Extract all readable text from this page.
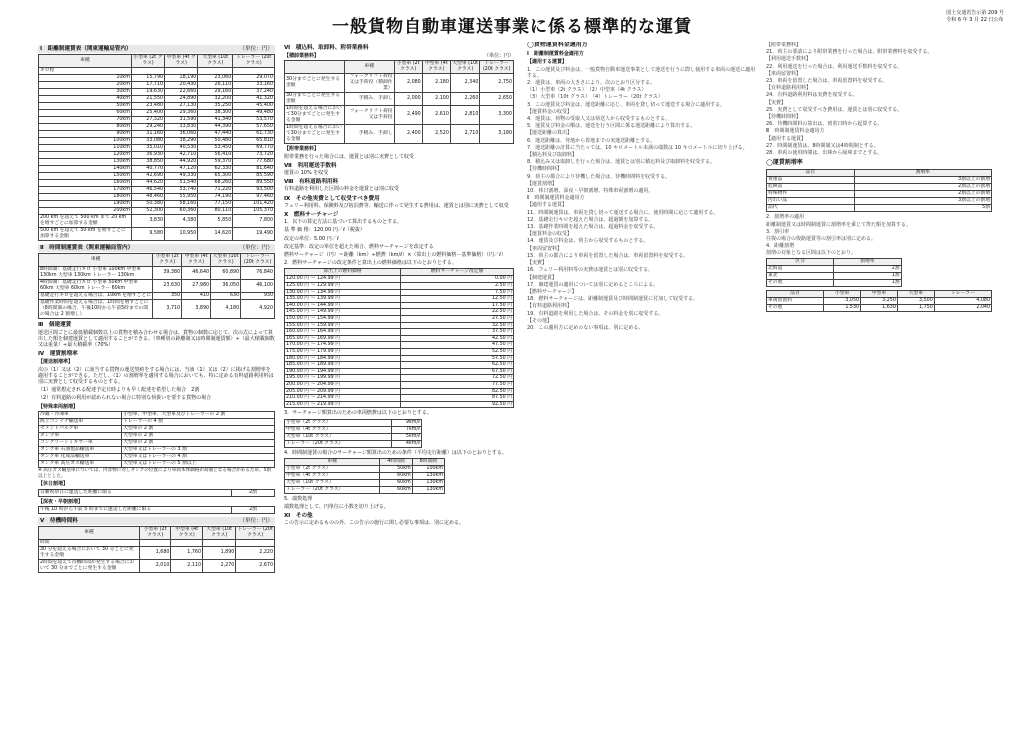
一般貨物自動車運送事業に係る標準的な運賃
国土交通省告示第 209 号
令和 6 年 3 月 22 日公布
Ⅰ　距離制運賃表（関東運輸局管内）	（単位：円）
車種	小型車 (2t クラス)	中型車 (4t クラス)	大型車 (10t クラス)	トレーラー (20t クラス)
キロ程				
10km	15,790	18,190	23,060	29,070
20km	17,710	20,430	26,110	33,160
30km	19,630	22,660	29,160	37,240
40km	21,550	24,890	32,200	41,320
50km	23,480	27,130	35,250	45,400
60km	25,400	29,360	38,300	49,480
70km	27,320	31,590	41,340	53,570
80km	29,240	33,830	44,390	57,650
90km	31,160	36,060	47,440	61,730
100km	33,080	38,290	50,480	65,810
110km	35,010	40,530	53,450	69,770
120km	36,930	42,710	56,410	73,720
130km	38,850	44,920	59,370	77,680
140km	40,770	47,120	62,330	81,640
150km	42,690	49,330	65,300	85,590
160km	44,620	51,540	68,260	89,550
170km	46,540	53,740	71,220	93,500
180km	48,460	55,950	74,190	97,460
190km	50,380	58,160	77,150	101,420
200km	52,300	60,360	80,110	105,370
200 km を超えて 500 km まで 20 km を増すごとに加算する金額	3,830	4,380	5,850	7,800
500 km を超えて 50 km を増すごとに加算する金額	9,580	10,950	14,620	19,490
Ⅱ　時間制運賃表（関東運輸局管内）	（単位：円）
車種	小型車 (2t クラス)	中型車 (4t クラス)	大型車 (10t クラス)	トレーラー (20t クラス)
8時間制：基礎走行キロ 小型車 100km 中型車 130km 大型車 130km トレーラー 130km	39,380	46,640	60,890	76,840
4時間制：基礎走行キロ 小型車 50km 中型車 60km 大型車 60km トレーラー 60km	23,630	27,980	36,050	46,100
基礎走行キロを超える場合は、10km を増すごとに	350	410	630	930
基礎作業時間を超える場合は、1時間を増すごとに（8時間制の場合、午後10時から午前5時までの間の場合は 2 割増し）	3,710	3,890	4,180	4,920
Ⅲ　個建運賃

運送区間ごとに最低積載個数以上の貨物を積み合わせる場合は、貨物の個数に応じて、次の式によって算出した額を個建運賃として適用することができる。（車種別の距離制又は時間制運賃額）÷（最大積載個数又は重量）÷最大積載率（70%）

Ⅳ　運賃割増率
【運送割増率】

次の（1）又は（2）に該当する貨物の運送契約をする場合には、当該（1）又は（2）に掲げる割増率を適用することができる。ただし、（1）の割増率を適用する場合においても、特に定める有料道路利用料は別に実費として収受するものとする。

（1）通常想定される配達予定日時よりも早く配達を希望した場合　2割

（2）有料道路の利用が認められない場合に特別な荷扱いを要する貨物の場合

【特殊車両割増】
冷蔵・冷凍車	小型車、中型車、大型車及びトレーラーの 2 割
海上コンテナ輸送車	トレーラーの 4 割
セメントバルク車	大型車の 2 割
ダンプ車	大型車の 2 割
コンクリートミキサー車	大型車の 2 割
タンク車 石油製品輸送車	大型車又はトレーラーの 3 割
タンク車 化成品輸送車	大型車又はトレーラーの 4 割
タンク車 高圧ガス輸送車	大型車又はトレーラーの 5 割以上

※ 高圧ガス輸送車については、内容物に対しタンクの位置により車両本体価格が高額となる場合があるため、5割以上とした。

【休日割増】
日曜祝祭日に運送した距離に限る	2割
【深夜・早朝割増】
午後 10 時から午前 5 時までに運送した距離に限る	2割
Ⅴ　待機時間料	（単位：円）
車種	小型車 (2t クラス)	中型車 (4t クラス)	大型車 (10t クラス)	トレーラー (20t クラス)
時間				
30 分を超える場合において 30 分ごとに発生する金額	1,680	1,760	1,890	2,220
2時間を超えて待機時間が発生する場合において 30 分までごとに発生する金額	2,010	2,110	2,270	2,670
Ⅵ　積込料、取卸料、附帯業務料
【積卸業務料】	（単位：円）
	車種	小型車 (2t クラス)	中型車 (4t クラス)	大型車 (10t クラス)	トレーラー (20t クラス)
30分までごとに発生する金額	フォークリフト荷役又は手荷役（積卸作業）	2,080	2,180	2,340	2,750
30分までごとに発生する金額	手積み、手卸し	2,000	2,100	2,260	2,650
1時間を超える場合において30分までごとに発生する金額	フォークリフト荷役又は手荷役	2,490	2,610	2,810	3,300
1時間を超える場合において30分までごとに発生する金額	手積み、手卸し	2,400	2,520	2,710	3,180
【附帯業務料】

附帯業務を行った場合には、運賃とは別に実費として収受

Ⅶ　利用運送手数料

運賃の 10% を収受

Ⅷ　有料道路利用料

有料道路を利用した区間の料金を運賃とは別に収受

Ⅸ　その他実費として収受すべき費用

フェリー利用料、保険料及び宿泊費等、輸送に伴って発生する費用は、運賃とは別に実費として収受

Ⅹ　燃料サーチャージ

1．以下の算定方法に基づいて算出するものとする。

基 準 価 格：120.00 円／ℓ（税抜）

改定の単位：5.00 円／ℓ

改定基準：改定の単位を超えた場合、燃料サーチャージを改定する

燃料サーチャージ（円）＝距離（km）÷燃費（km/ℓ）×（算出上の燃料価格－基準価格）（円／ℓ）

2．燃料サーチャージの改定条件と算出上の燃料価格は以下のとおりとする。

算出上の燃料価格	燃料サーチャージ改定額
120.00 円 ～ 124.99 円	0.00 円
125.00 円 ～ 129.99 円	2.50 円
130.00 円 ～ 134.99 円	7.50 円
135.00 円 ～ 139.99 円	12.50 円
140.00 円 ～ 144.99 円	17.50 円
145.00 円 ～ 149.99 円	22.50 円
150.00 円 ～ 154.99 円	27.50 円
155.00 円 ～ 159.99 円	32.50 円
160.00 円 ～ 164.99 円	37.50 円
165.00 円 ～ 169.99 円	42.50 円
170.00 円 ～ 174.99 円	47.50 円
175.00 円 ～ 179.99 円	52.50 円
180.00 円 ～ 184.99 円	57.50 円
185.00 円 ～ 189.99 円	62.50 円
190.00 円 ～ 194.99 円	67.50 円
195.00 円 ～ 199.99 円	72.50 円
200.00 円 ～ 204.99 円	77.50 円
205.00 円 ～ 209.99 円	82.50 円
210.00 円 ～ 214.99 円	87.50 円
215.00 円 ～ 219.99 円	92.50 円

3．サーチャージ額算出のための車両燃費は以下のとおりとする。

小型車（2t クラス）	9km/ℓ
中型車（4t クラス）	7km/ℓ
大型車（10t クラス）	5km/ℓ
トレーラー（20t クラス）	4km/ℓ

4．時間制運賃の場合のサーチャージ額算出のための条件（平均走行距離）は以下のとおりとする。

車種	4時間制	8時間制
小型車（2t クラス）	50km	100km
中型車（4t クラス）	60km	130km
大型車（10t クラス）	60km	130km
トレーラー（20t クラス）	60km	130km

5．端数処理

端数処理として、円単位に小数を切り上げる。

Ⅺ　その他

この告示に定めるものの外、この告示の施行に関し必要な事項は、別に定める。

◯貨物運賃料金適用方
Ⅰ　距離制運賃料金適用方
【適用する運賃】
1．この運賃及び料金は、一般貨物自動車運送事業として運送を行うに際し使用する車両の運送に適用する。
2．運賃は、車両の大きさにより、次のとおり区分する。
（1）小型車（2t クラス）　（2）中型車（4t クラス）
（3）大型車（10t クラス）　（4）トレーラー（20t クラス）
3．この運賃及び料金は、運送距離に応じ、車両を貸し切って運送する場合に適用する。
【運賃料金の収受】
4．運賃は、荷物の受取人又は荷送人から収受するものとする。
5．運賃及び料金の額は、運送を行う区間に係る運送距離により算出する。
【運送距離の算出】
6．運送距離は、発地から着地までの実運送距離とする。
7．運送距離の計算に当たっては、10 キロメートル未満の端数は 10 キロメートルに切り上げる。
【積込料及び取卸料】
8．積込み又は取卸しを行った場合は、運賃とは別に積込料及び取卸料を収受する。
【待機時間料】
9．荷主の都合により待機した場合は、待機時間料を収受する。
【運賃割増】
10．休日割増、深夜・早朝割増、特殊車両割増の適用。
Ⅱ　時間制運賃料金適用方
【適用する運賃】
11．時間制運賃は、車両を貸し切って運送する場合に、使用時間に応じて適用する。
12．基礎走行キロを超えた場合は、超過額を加算する。
13．基礎作業時間を超えた場合は、超過料金を収受する。
【運賃料金の収受】
14．運賃及び料金は、荷主から収受するものとする。
【車両留置料】
15．荷主の都合により車両を留置した場合は、車両留置料を収受する。
【実費】
16．フェリー利用料等の実費は運賃とは別に収受する。
【個建運賃】
17．個建運賃の適用については別に定めるところによる。
【燃料サーチャージ】
18．燃料サーチャージは、距離制運賃及び時間制運賃に付加して収受する。
【有料道路利用料】
19．有料道路を利用した場合は、その料金を別に収受する。
【その他】
20．この適用方に定めのない事項は、別に定める。
【附帯業務料】
21．荷主の要請により附帯業務を行った場合は、附帯業務料を収受する。
【利用運送手数料】
22．利用運送を行った場合は、利用運送手数料を収受する。
【車両留置料】
23．車両を留置した場合は、車両留置料を収受する。
【有料道路利用料】
24．有料道路利用料は実費を収受する。
【実費】
25．実費として収受すべき費用は、運賃とは別に収受する。
【待機時間料】
26．待機時間料の算出は、到着日時から起算する。
Ⅲ　時間制運賃料金適用方
【適用する運賃】
27．時間制運賃は、8時間制又は4時間制とする。
28．車両の使用時間は、出庫から帰庫までとする。
◯運賃割増率
品目	割増率
貴重品	3割以上の割増
危険品	2割以上の割増
特殊物件	2割以上の割増
汚わい品	3割以上の割増
品代	5割
2．割増率の適用
距離制運賃又は時間制運賃に割増率を乗じて得た額を加算する。
3．割引率
往復の場合の復路運賃等の割引率は別に定める。
4．距離割増
割増の対象となる区間は以下のとおり。
区分	割増率
北海道	2割
東北	1割
その他	1割
品目	小型車	中型車	大型車	トレーラー
車両留置料	3,050	3,250	3,500	4,080
その他	1,530	1,630	1,750	2,040
